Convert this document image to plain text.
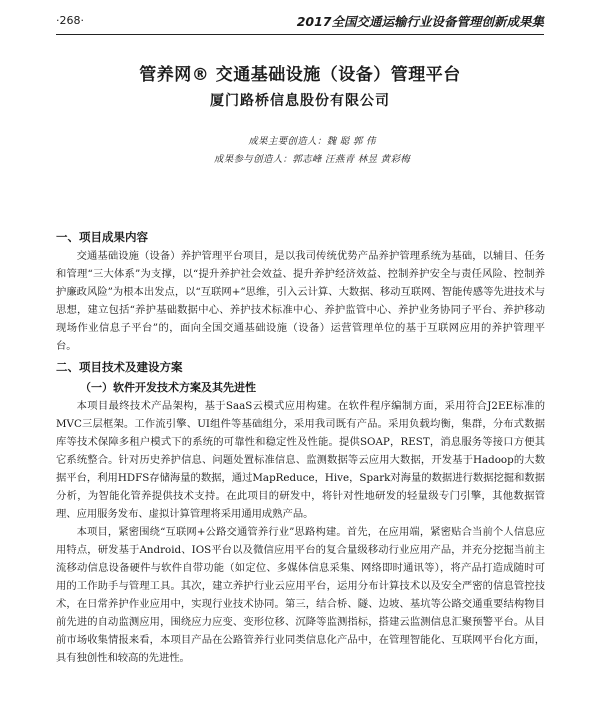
·268·	2017全国交通运输行业设备管理创新成果集
管养网® 交通基础设施（设备）管理平台
厦门路桥信息股份有限公司
成果主要创造人：魏 聪 郭 伟
成果参与创造人：郭志峰 汪燕青 林昱 黄彩梅
一、项目成果内容
交通基础设施（设备）养护管理平台项目，是以我司传统优势产品养护管理系统为基础，以辅目、任务和管理“三大体系”为支撑，以“提升养护社会效益、提升养护经济效益、控制养护安全与责任风险、控制养护廉政风险”为根本出发点，以“互联网+”思维，引入云计算、大数据、移动互联网、智能传感等先进技术与思想，建立包括“养护基础数据中心、养护技术标准中心、养护监管中心、养护业务协同子平台、养护移动现场作业信息子平台”的，面向全国交通基础设施（设备）运营管理单位的基于互联网应用的养护管理平台。
二、项目技术及建设方案
（一）软件开发技术方案及其先进性
本项目最终技术产品架构，基于SaaS云模式应用构建。在软件程序编制方面，采用符合J2EE标准的MVC三层框架。工作流引擎、UI组件等基础组分，采用我司既有产品。采用负载均衡，集群，分布式数据库等技术保障多租户模式下的系统的可靠性和稳定性及性能。提供SOAP，REST，消息服务等接口方便其它系统整合。针对历史养护信息、问题处置标准信息、监测数据等云应用大数据，开发基于Hadoop的大数据平台，利用HDFS存储海量的数据，通过MapReduce，Hive，Spark对海量的数据进行数据挖掘和数据分析，为智能化管养提供技术支持。在此项目的研发中，将针对性地研发的轻量级专门引擎，其他数据管理、应用服务发布、虚拟计算管理将采用通用成熟产品。
本项目，紧密围绕“互联网+公路交通管养行业”思路构建。首先，在应用端，紧密贴合当前个人信息应用特点，研发基于Android、IOS平台以及微信应用平台的复合量级移动行业应用产品，并充分挖掘当前主流移动信息设备硬件与软件自带功能（如定位、多媒体信息采集、网络即时通讯等），将产品打造成随时可用的工作助手与管理工具。其次，建立养护行业云应用平台，运用分布计算技术以及安全严密的信息管控技术，在日常养护作业应用中，实现行业技术协同。第三，结合桥、隧、边坡、基坑等公路交通重要结构物目前先进的自动监测应用，围绕应力应变、变形位移、沉降等监测指标，搭建云监测信息汇聚预警平台。从目前市场收集情报来看，本项目产品在公路管养行业同类信息化产品中，在管理智能化、互联网平台化方面，具有独创性和较高的先进性。
